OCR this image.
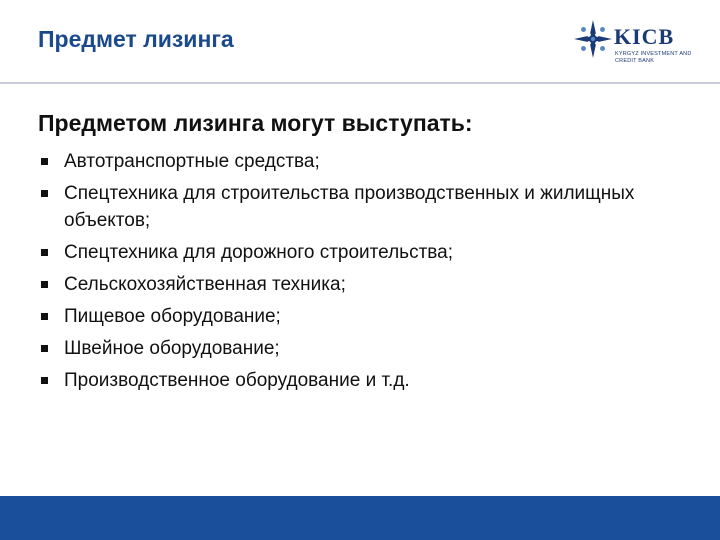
Предмет лизинга	KICB
KYRGYZ INVESTMENT AND CREDIT BANK
Предметом лизинга могут выступать:
Автотранспортные средства;
Спецтехника для строительства производственных и жилищных объектов;
Спецтехника для дорожного строительства;
Сельскохозяйственная техника;
Пищевое оборудование;
Швейное оборудование;
Производственное оборудование и т.д.
